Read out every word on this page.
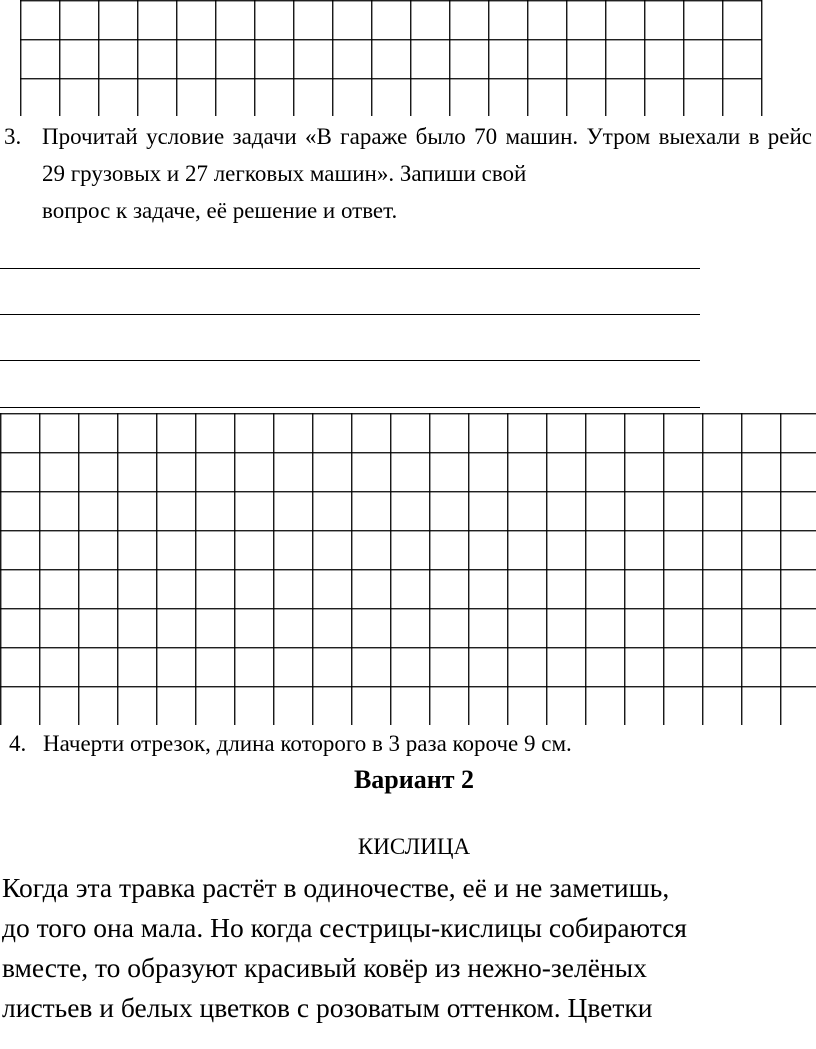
3. Прочитай условие задачи «В гараже было 70 машин. Утром выехали в рейс 29 грузовых и 27 легковых машин». Запиши свой
вопрос к задаче, её решение и ответ.
4. Начерти отрезок, длина которого в 3 раза короче 9 см.
Вариант 2
КИСЛИЦА
Когда эта травка растёт в одиночестве, её и не заметишь,
до того она мала. Но когда сестрицы-кислицы собираются
вместе, то образуют красивый ковёр из нежно-зелёных
листьев и белых цветков с розоватым оттенком. Цветки
